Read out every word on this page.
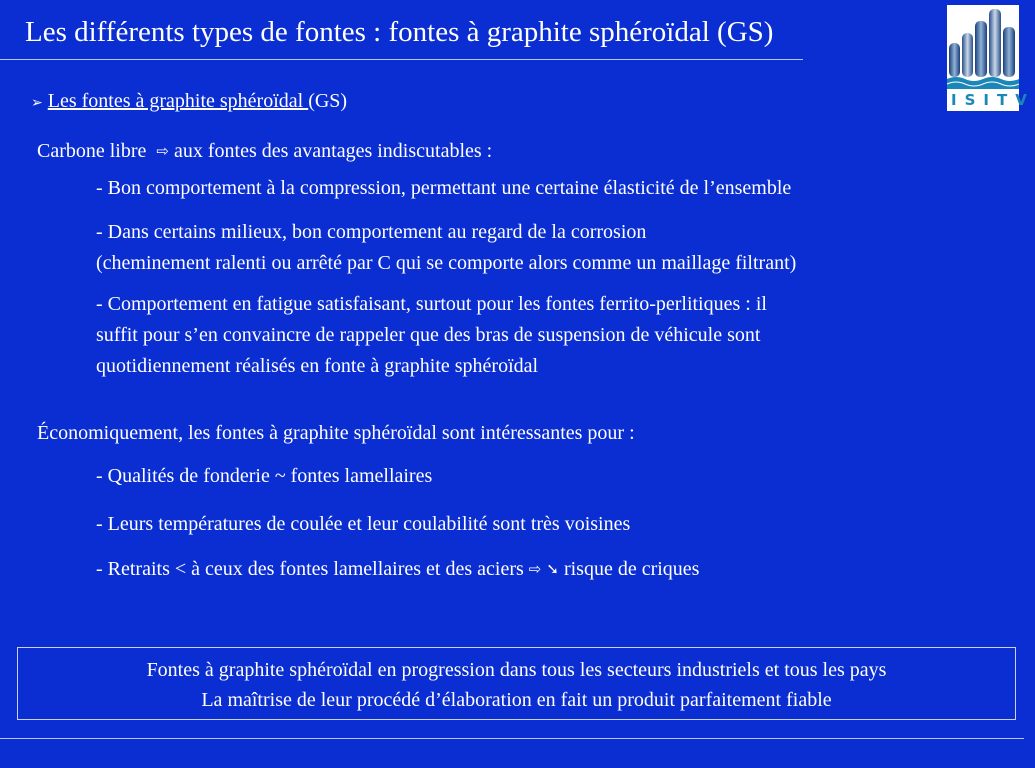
Les différents types de fontes : fontes à graphite sphéroïdal (GS)
ISITV
➢ Les fontes à graphite sphéroïdal (GS)
Carbone libre ⇨ aux fontes des avantages indiscutables :
- Bon comportement à la compression, permettant une certaine élasticité de l’ensemble
- Dans certains milieux, bon comportement au regard de la corrosion
(cheminement ralenti ou arrêté par C qui se comporte alors comme un maillage filtrant)
- Comportement en fatigue satisfaisant, surtout pour les fontes ferrito-perlitiques : il
suffit pour s’en convaincre de rappeler que des bras de suspension de véhicule sont
quotidiennement réalisés en fonte à graphite sphéroïdal
Économiquement, les fontes à graphite sphéroïdal sont intéressantes pour :
- Qualités de fonderie ~ fontes lamellaires
- Leurs températures de coulée et leur coulabilité sont très voisines
- Retraits < à ceux des fontes lamellaires et des aciers ⇨ ➘ risque de criques
Fontes à graphite sphéroïdal en progression dans tous les secteurs industriels et tous les pays
La maîtrise de leur procédé d’élaboration en fait un produit parfaitement fiable
